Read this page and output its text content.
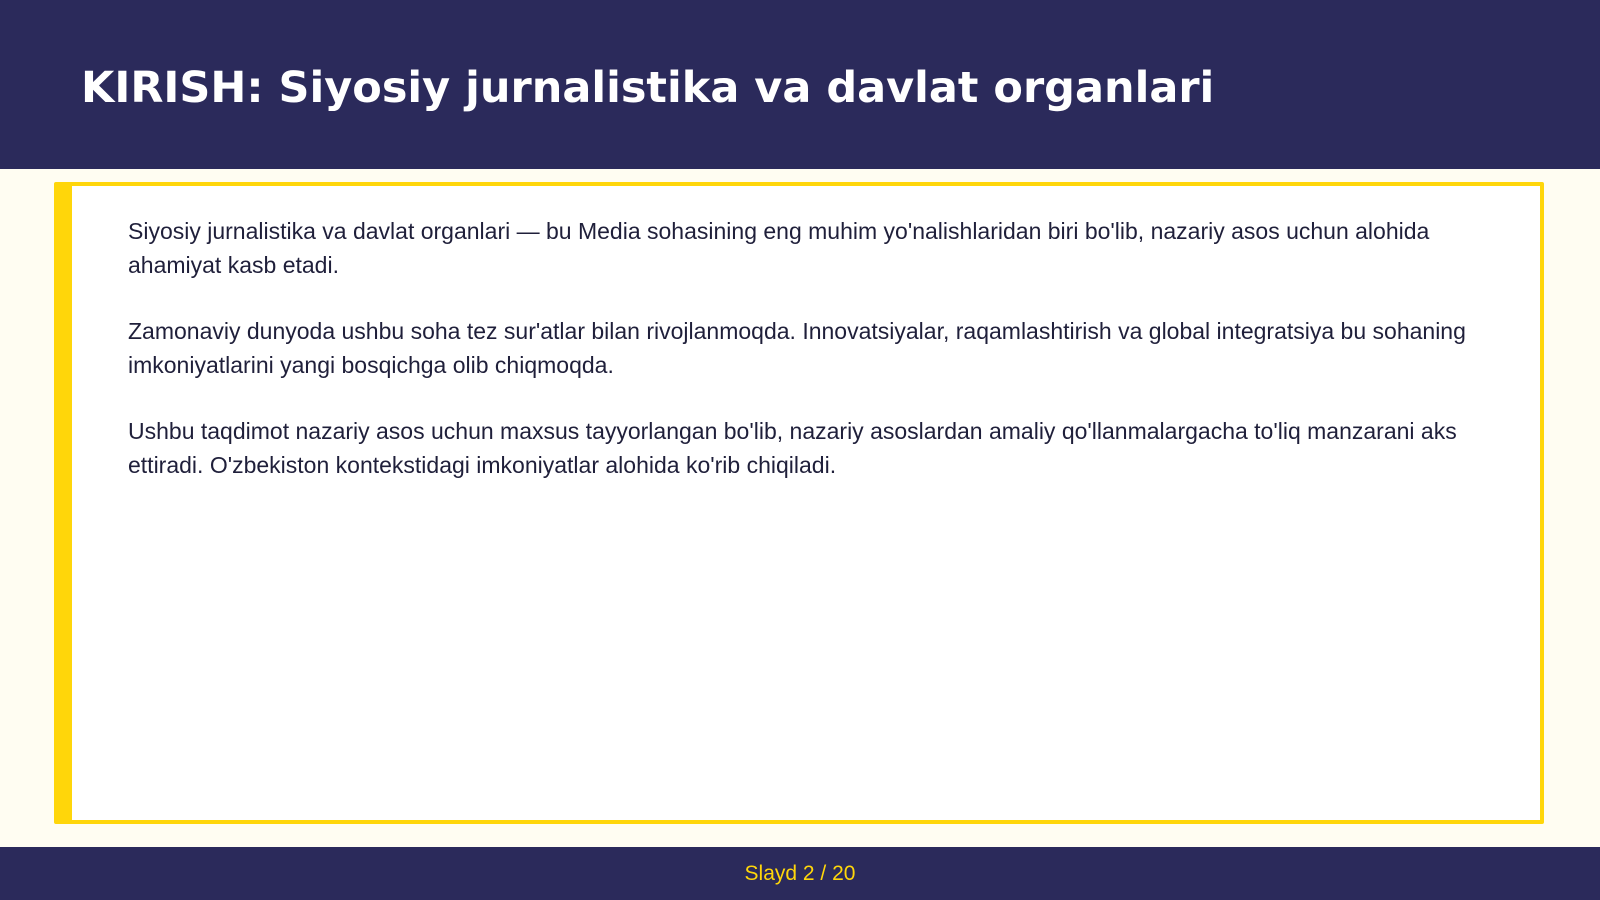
KIRISH: Siyosiy jurnalistika va davlat organlari

Siyosiy jurnalistika va davlat organlari — bu Media sohasining eng muhim yo'nalishlaridan biri bo'lib, nazariy asos uchun alohida ahamiyat kasb etadi.

Zamonaviy dunyoda ushbu soha tez sur'atlar bilan rivojlanmoqda. Innovatsiyalar, raqamlashtirish va global integratsiya bu sohaning imkoniyatlarini yangi bosqichga olib chiqmoqda.

Ushbu taqdimot nazariy asos uchun maxsus tayyorlangan bo'lib, nazariy asoslardan amaliy qo'llanmalargacha to'liq manzarani aks ettiradi. O'zbekiston kontekstidagi imkoniyatlar alohida ko'rib chiqiladi.

Slayd 2 / 20
